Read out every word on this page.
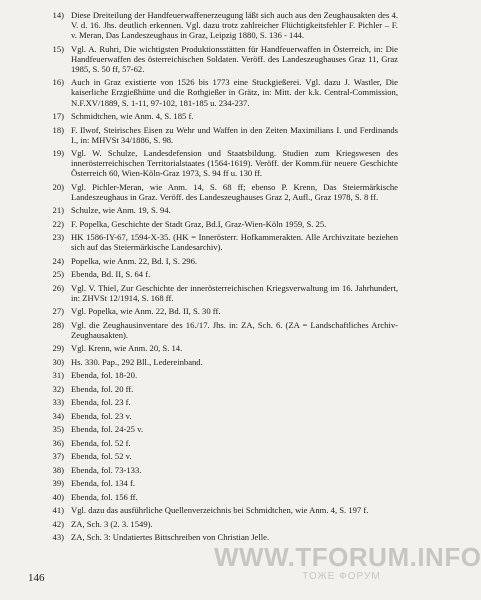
14) Diese Dreiteilung der Handfeuerwaffenerzeugung läßt sich auch aus den Zeughausakten des 4. V. d. 16. Jhs. deutlich erkennen. Vgl. dazu trotz zahlreicher Flüchtigkeitsfehler F. Pichler – F. v. Meran, Das Landeszeughaus in Graz, Leipzig 1880, S. 136 - 144.
15) Vgl. A. Ruhri, Die wichtigsten Produktionsstätten für Handfeuerwaffen in Österreich, in: Die Handfeuerwaffen des österreichischen Soldaten. Veröff. des Landeszeughauses Graz 11, Graz 1985, S. 50 ff, 57-62.
16) Auch in Graz existierte von 1526 bis 1773 eine Stuckgießerei. Vgl. dazu J. Wastler, Die kaiserliche Erzgießhütte und die Rothgießer in Grätz, in: Mitt. der k.k. Central-Commission, N.F.XV/1889, S. 1-11, 97-102, 181-185 u. 234-237.
17) Schmidtchen, wie Anm. 4, S. 185 f.
18) F. Ilwof, Steirisches Eisen zu Wehr und Waffen in den Zeiten Maximilians I. und Ferdinands I., in: MHVSt 34/1886, S. 98.
19) Vgl. W. Schulze, Landesdefension und Staatsbildung. Studien zum Kriegswesen des innerösterreichischen Territorialstaates (1564-1619). Veröff. der Komm.für neuere Geschichte Österreich 60, Wien-Köln-Graz 1973, S. 94 ff u. 130 ff.
20) Vgl. Pichler-Meran, wie Anm. 14, S. 68 ff; ebenso P. Krenn, Das Steiermärkische Landeszeughaus in Graz. Veröff. des Landeszeughauses Graz 2, Aufl., Graz 1978, S. 8 ff.
21) Schulze, wie Anm. 19, S. 94.
22) F. Popelka, Geschichte der Stadt Graz, Bd.I, Graz-Wien-Köln 1959, S. 25.
23) HK 1586-IY-67, 1594-X-35. (HK = Innerösterr. Hofkammerakten. Alle Archivzitate beziehen sich auf das Steiermärkische Landesarchiv).
24) Popelka, wie Anm. 22, Bd. I, S. 296.
25) Ebenda, Bd. II, S. 64 f.
26) Vgl. V. Thiel, Zur Geschichte der innerösterreichischen Kriegsverwaltung im 16. Jahrhundert, in: ZHVSt 12/1914, S. 168 ff.
27) Vgl. Popelka, wie Anm. 22, Bd. II, S. 30 ff.
28) Vgl. die Zeughausinventare des 16./17. Jhs. in: ZA, Sch. 6. (ZA = Landschaftliches Archiv-Zeughausakten).
29) Vgl. Krenn, wie Anm. 20, S. 14.
30) Hs. 330. Pap., 292 Bll., Ledereinband.
31) Ebenda, fol. 18-20.
32) Ebenda, fol. 20 ff.
33) Ebenda, fol. 23 f.
34) Ebenda, fol. 23 v.
35) Ebenda, fol. 24-25 v.
36) Ebenda, fol. 52 f.
37) Ebenda, fol. 52 v.
38) Ebenda, fol. 73-133.
39) Ebenda, fol. 134 f.
40) Ebenda, fol. 156 ff.
41) Vgl. dazu das ausführliche Quellenverzeichnis bei Schmidtchen, wie Anm. 4, S. 197 f.
42) ZA, Sch. 3 (2. 3. 1549).
43) ZA, Sch. 3: Undatiertes Bittschreiben von Christian Jelle.
146
WWW.TFORUM.INFO
ТОЖЕ ФОРУМ
